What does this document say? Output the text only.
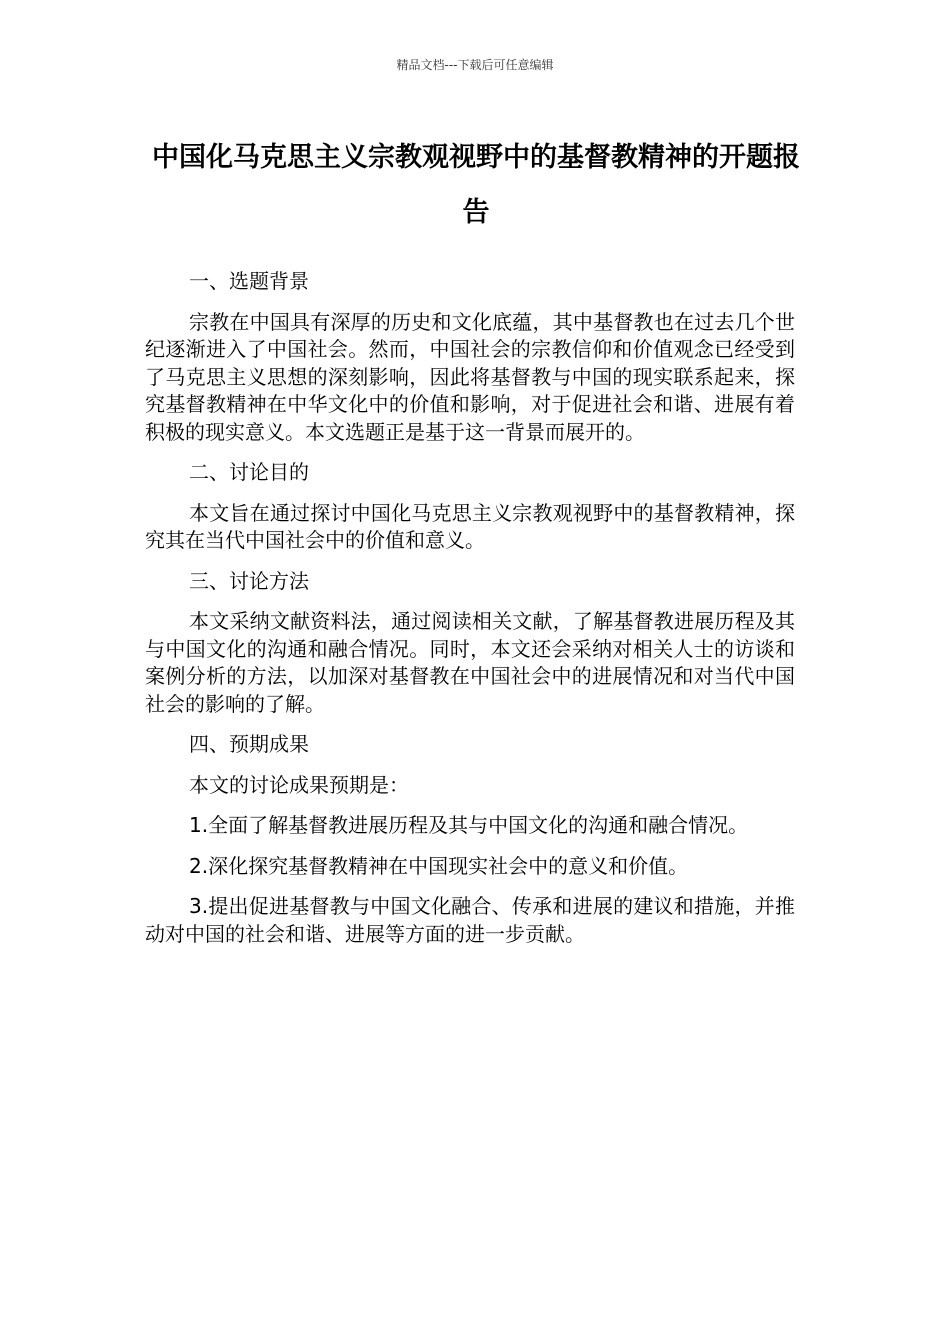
精品文档---下载后可任意编辑
中国化马克思主义宗教观视野中的基督教精神的开题报告

一、选题背景

宗教在中国具有深厚的历史和文化底蕴，其中基督教也在过去几个世纪逐渐进入了中国社会。然而，中国社会的宗教信仰和价值观念已经受到了马克思主义思想的深刻影响，因此将基督教与中国的现实联系起来，探究基督教精神在中华文化中的价值和影响，对于促进社会和谐、进展有着积极的现实意义。本文选题正是基于这一背景而展开的。

二、讨论目的

本文旨在通过探讨中国化马克思主义宗教观视野中的基督教精神，探究其在当代中国社会中的价值和意义。

三、讨论方法

本文采纳文献资料法，通过阅读相关文献，了解基督教进展历程及其与中国文化的沟通和融合情况。同时，本文还会采纳对相关人士的访谈和案例分析的方法，以加深对基督教在中国社会中的进展情况和对当代中国社会的影响的了解。

四、预期成果

本文的讨论成果预期是：

1.全面了解基督教进展历程及其与中国文化的沟通和融合情况。

2.深化探究基督教精神在中国现实社会中的意义和价值。

3.提出促进基督教与中国文化融合、传承和进展的建议和措施，并推动对中国的社会和谐、进展等方面的进一步贡献。
